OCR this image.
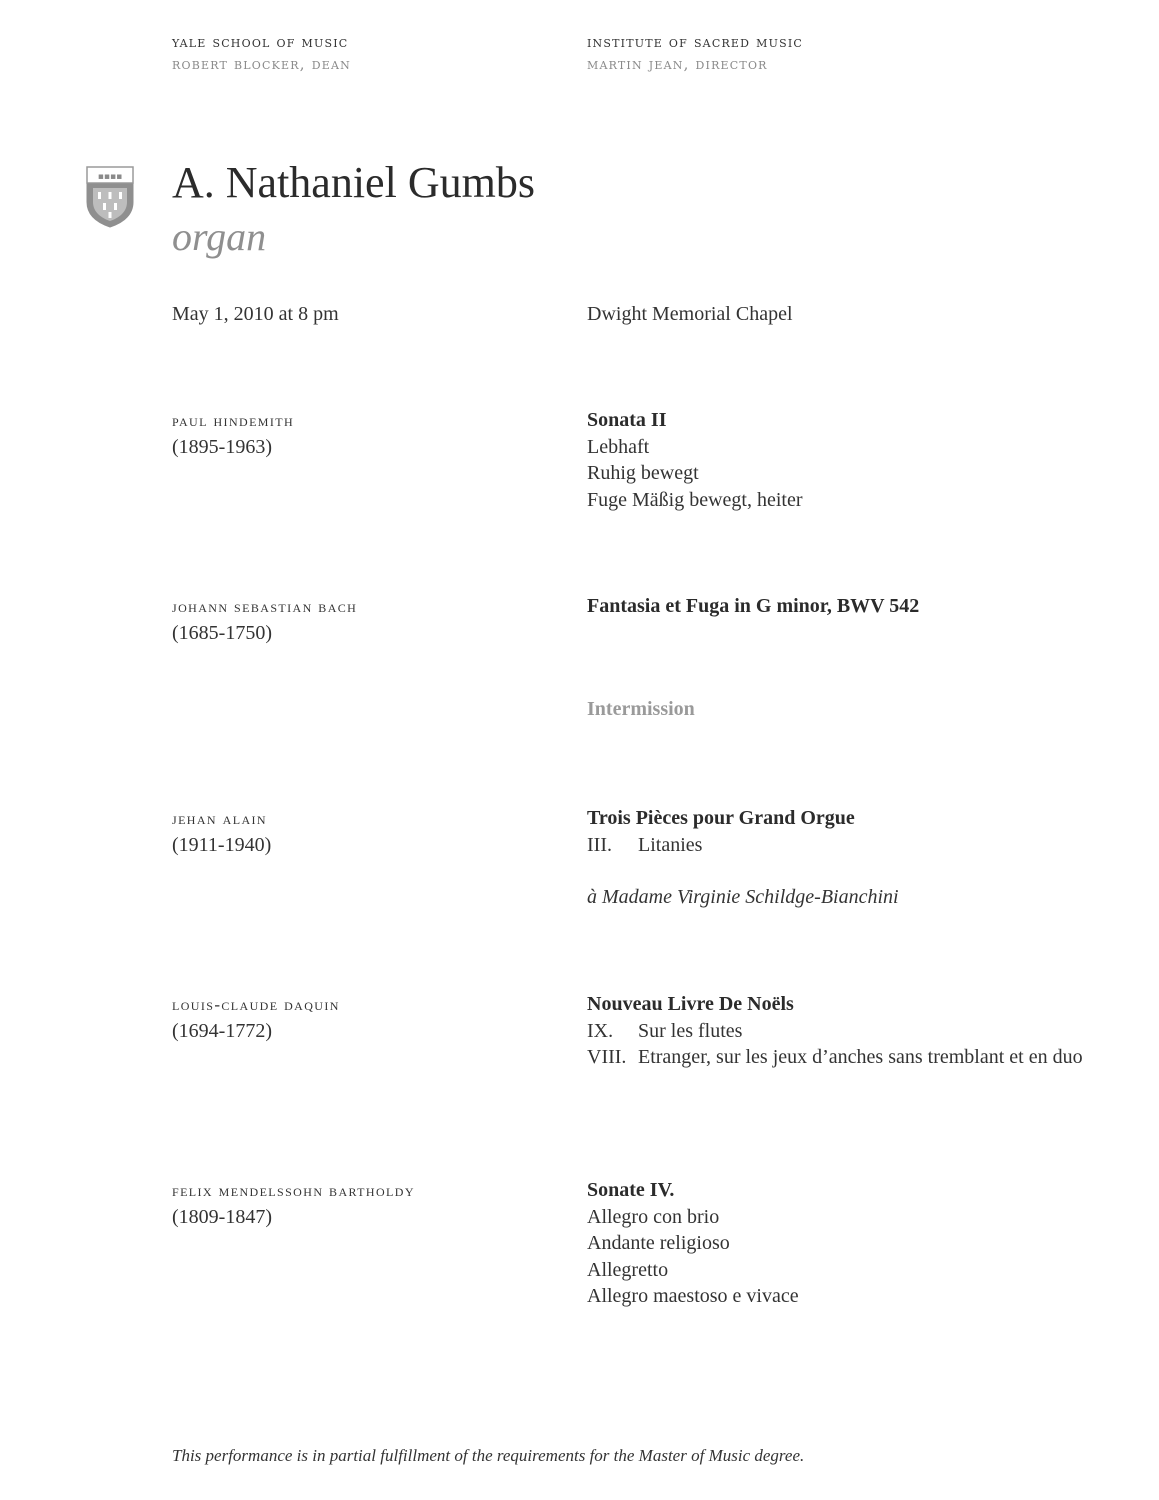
yale school of music
robert blocker, dean
institute of sacred music
martin jean, director
▪▪▪▪ A. Nathaniel Gumbs
organ
May 1, 2010 at 8 pm	Dwight Memorial Chapel
paul hindemith
(1895-1963)
Sonata II
Lebhaft
Ruhig bewegt
Fuge Mäßig bewegt, heiter
johann sebastian bach
(1685-1750)
Fantasia et Fuga in G minor, BWV 542
Intermission
jehan alain
(1911-1940)
Trois Pièces pour Grand Orgue
III. Litanies
à Madame Virginie Schildge-Bianchini
louis-claude daquin
(1694-1772)
Nouveau Livre De Noëls
IX. Sur les flutes
VIII. Etranger, sur les jeux d’anches sans tremblant et en duo
felix mendelssohn bartholdy
(1809-1847)
Sonate IV.
Allegro con brio
Andante religioso
Allegretto
Allegro maestoso e vivace
This performance is in partial fulfillment of the requirements for the Master of Music degree.
